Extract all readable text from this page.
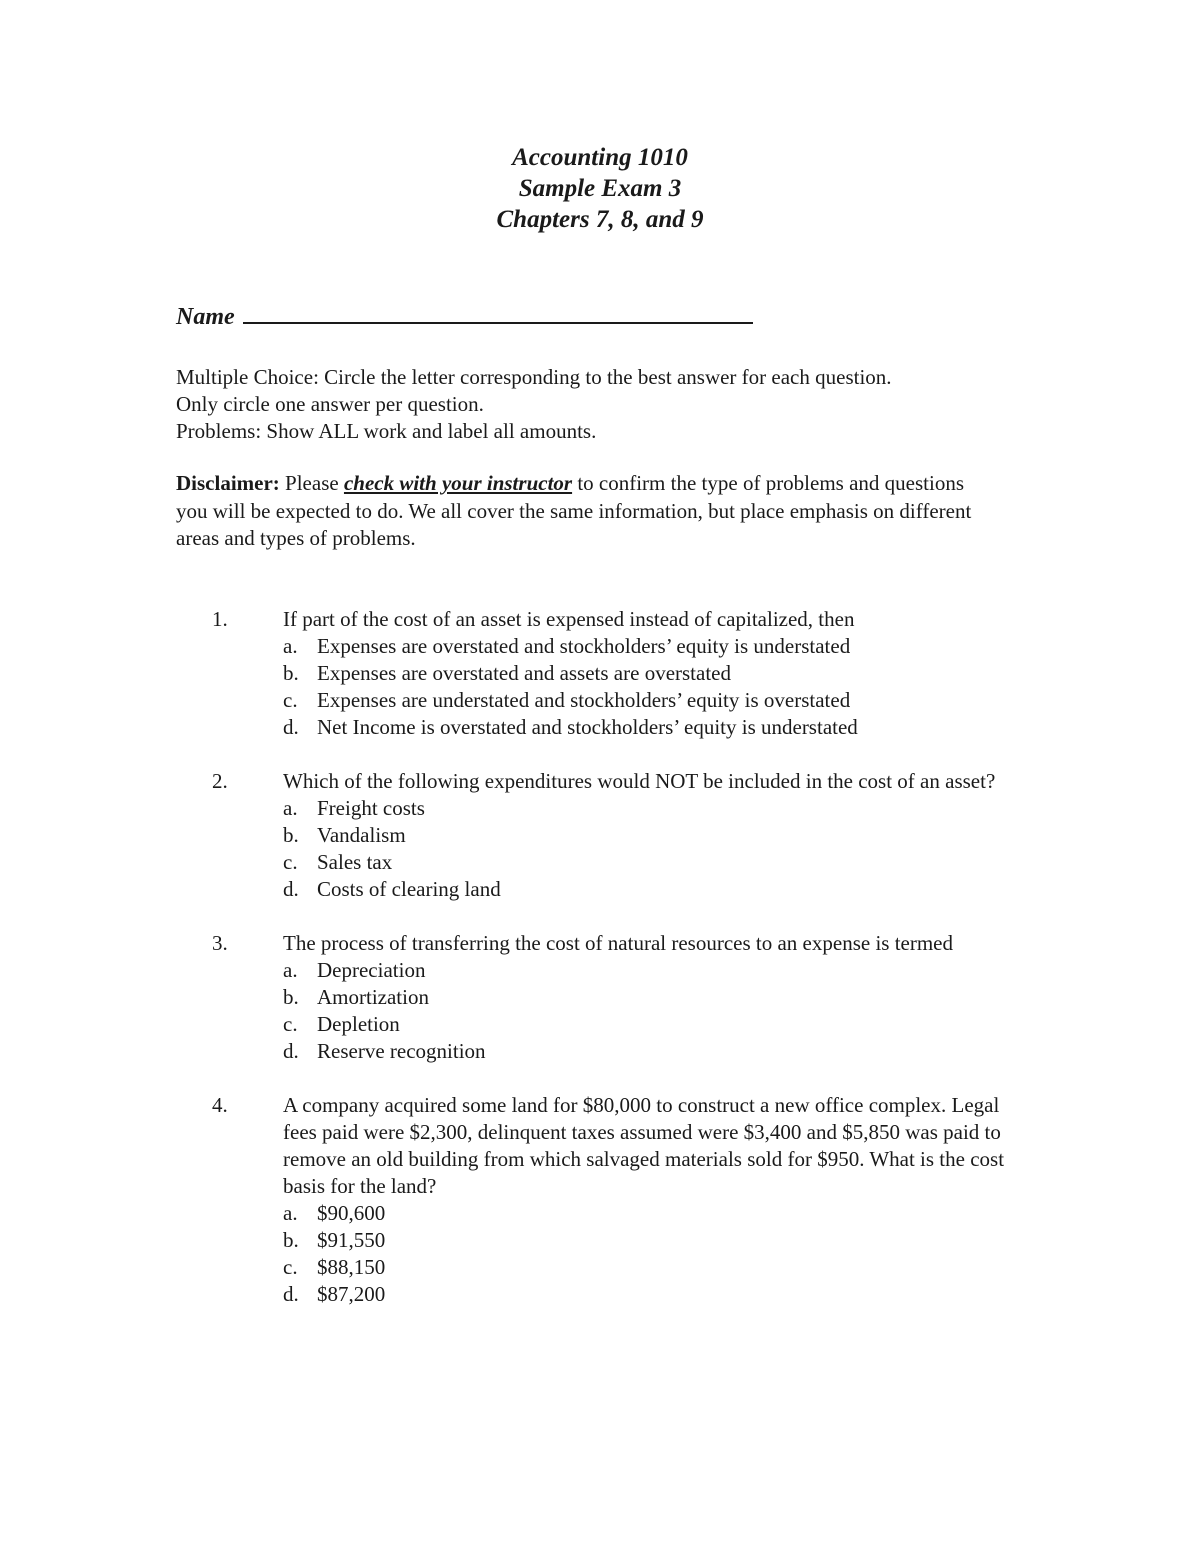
Accounting 1010
Sample Exam 3
Chapters 7, 8, and 9
Name

Multiple Choice: Circle the letter corresponding to the best answer for each question.

Only circle one answer per question.

Problems: Show ALL work and label all amounts.

Disclaimer: Please check with your instructor to confirm the type of problems and questions you will be expected to do. We all cover the same information, but place emphasis on different areas and types of problems.
1.	If part of the cost of an asset is expensed instead of capitalized, then
a. Expenses are overstated and stockholders’ equity is understated
b. Expenses are overstated and assets are overstated
c. Expenses are understated and stockholders’ equity is overstated
d. Net Income is overstated and stockholders’ equity is understated
2.	Which of the following expenditures would NOT be included in the cost of an asset?
a. Freight costs
b. Vandalism
c. Sales tax
d. Costs of clearing land
3.	The process of transferring the cost of natural resources to an expense is termed
a. Depreciation
b. Amortization
c. Depletion
d. Reserve recognition
4.	A company acquired some land for $80,000 to construct a new office complex. Legal fees paid were $2,300, delinquent taxes assumed were $3,400 and $5,850 was paid to remove an old building from which salvaged materials sold for $950. What is the cost basis for the land?
a. $90,600
b. $91,550
c. $88,150
d. $87,200
